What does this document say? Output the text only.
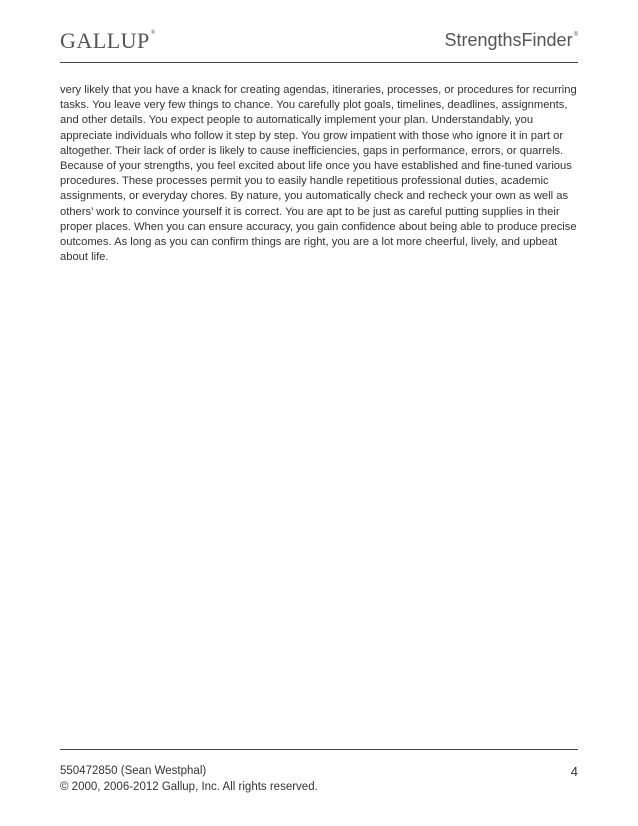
GALLUP®	StrengthsFinder®

very likely that you have a knack for creating agendas, itineraries, processes, or procedures for recurring tasks. You leave very few things to chance. You carefully plot goals, timelines, deadlines, assignments, and other details. You expect people to automatically implement your plan. Understandably, you appreciate individuals who follow it step by step. You grow impatient with those who ignore it in part or altogether. Their lack of order is likely to cause inefficiencies, gaps in performance, errors, or quarrels. Because of your strengths, you feel excited about life once you have established and fine-tuned various procedures. These processes permit you to easily handle repetitious professional duties, academic assignments, or everyday chores. By nature, you automatically check and recheck your own as well as others’ work to convince yourself it is correct. You are apt to be just as careful putting supplies in their proper places. When you can ensure accuracy, you gain confidence about being able to produce precise outcomes. As long as you can confirm things are right, you are a lot more cheerful, lively, and upbeat about life.

550472850 (Sean Westphal)
© 2000, 2006-2012 Gallup, Inc. All rights reserved.
4
